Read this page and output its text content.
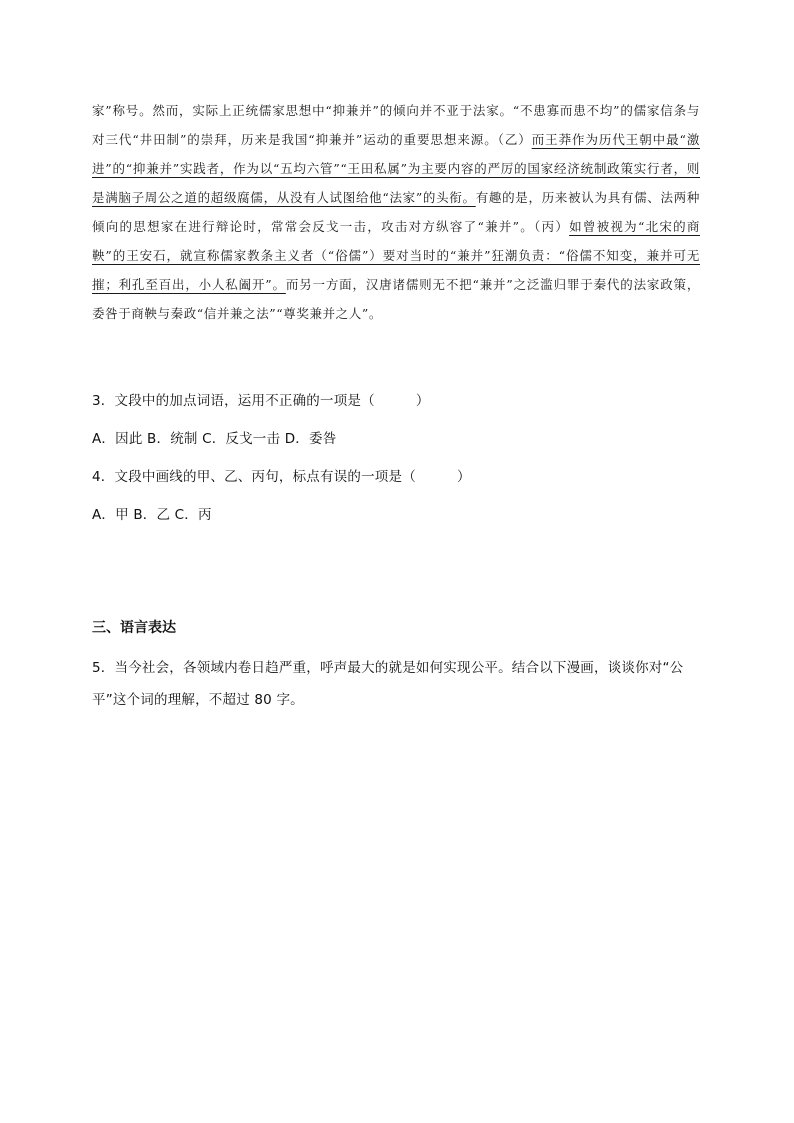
家”称号。然而，实际上正统儒家思想中“抑兼并”的倾向并不亚于法家。“不患寡而患不均”的儒家信条与对三代“井田制”的崇拜，历来是我国“抑兼并”运动的重要思想来源。（乙）而王莽作为历代王朝中最“激进”的“抑兼并”实践者，作为以“五均六管”“王田私属”为主要内容的严厉的国家经济统制政策实行者，则是满脑子周公之道的超级腐儒，从没有人试图给他“法家”的头衔。有趣的是，历来被认为具有儒、法两种倾向的思想家在进行辩论时，常常会反戈一击，攻击对方纵容了“兼并”。（丙）如曾被视为“北宋的商鞅”的王安石，就宣称儒家教条主义者（“俗儒”）要对当时的“兼并”狂潮负责：“俗儒不知变，兼并可无摧；利孔至百出，小人私阖开”。而另一方面，汉唐诸儒则无不把“兼并”之泛滥归罪于秦代的法家政策，委咎于商鞅与秦政“信并兼之法”“尊奖兼并之人”。
3．文段中的加点词语，运用不正确的一项是（　　　）
A．因此 B．统制 C．反戈一击 D．委咎
4．文段中画线的甲、乙、丙句，标点有误的一项是（　　　）
A．甲 B．乙 C．丙
三、语言表达
5．当今社会，各领域内卷日趋严重，呼声最大的就是如何实现公平。结合以下漫画，谈谈你对“公平”这个词的理解，不超过 80 字。
